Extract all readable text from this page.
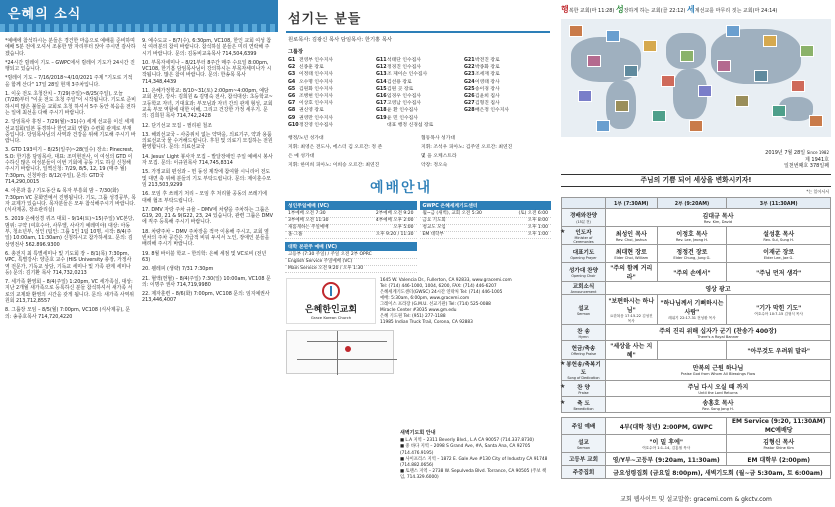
은혜의 소식

*예배에 참석하시는 분들은 경건한 마음으로 예배를 준비하며 예배 5분 전에 오셔서 조용한 맘 자리부터 앉아 주시면 감사하겠습니다.

*24시간 릴레이 기도 – GWPC에서 릴레이 기도가 24시간 진행되고 있습니다.

*릴레이 기도 – 7/16/2018~4/10/2021 주제 "기도로 기적을 함께 산다" 17일 28일 현재 3주차입니다.

1. 이웃 전도 초청잔치 – 7/29(주일)~8/25(주일), 오늘(7/28)부터 "이웃 전도 초청 주일"이 시작됩니다. 기도로 준비하시며 많은 불들을 교회로 초청 하셔서 5주 동안 복음을 전하는 일에 최선을 다해 주시기 바랍니다.

2. 당임목사 휴정 – 7/29(월)~31(수) 세계 선교를 이신 세계 선교집회(일본 동경하나 한인교회 연합) 수련회 관계로 부재중입니다. 당임목사님의 사역과 건강을 위해 기도해 주시기 바랍니다.

3. GTD 193여기 – 8/25(일주)~28(일수) 장소: Pinecrest, S.O: 한기홈 담임목사, 대표: 조미현전사, 이 여성의 GTD 이수하신 많은 여성분들이 이번 기회에 공동 기도 하실 신청해 주시기 바랍니다, 일찍신청: 7/29, 8/5, 12, 19 (매주 월) 7:30pm, 신청마감: 8/12(주일), 문의: GTD국 714,290,0015

4. 아론과 홀 / 기도동산 & 목자 부흥회 밤 – 7/30(화) 7:30pm VC 문화연예서 진행됩니다. 기도, 그룹 성경공부, 목자 교제가 있습니다. 목자분들은 모두 참석해주시기 바랍니다. (식사제공, 장소관리실)

5. 2019 은혜성경 퀴즈 대회 – 9/14(토)~15(주일) VC본당, 범위: 구약 (여호수아, 사무엘, 사사기 예레미야) 대상: 아동부, 청소년부, 성인 (팀인: 그룹 1인 1팀 10명, 시작: 8/4(주일) 10:00am, 11:30am) 신청하시고 참가하세요. 문의: 김상영전사 562.896.9300

6. 총전지 최 특별세미나 및 기도회 장 – 8/1(목) 7:30pm, VPC, 특별강사: 양준호 교수 (HIS University 총장, 가정사역 전문가, 기독교 상담, 기독교 세미나 및 가족 관계 세미나 등) 문의: 김기환 목사 714,732,0213

7. 세가족 환영회 – 8/4(주일) 1:20pm, VC 세가족실, 대상: 지난 2개월 새가족으로 등록하신 분들 참석하셔서 새가족 서로의 교제와 환영의 시간을 갖게 됩니다. 문의: 새가족 사역위원회 213,712,8557

8. 그룹장 모임 – 8/5(월) 7:00pm, VC108 (식사제공), 문의: 송종호목사 714,720,4220

9. 예수도교 – 8/7(수), 6:30pm, VC108, 한인 교회 여성 참석 여러분의 참여 바랍니다. 참석하실 분들은 미리 연락해 주시기 바랍니다. 문의: 김동비교육목사 714,504,6399

10. 부목자세미나 – 8/21부터 8주간 매주 수요일 8:00pm, VC108, 한기홈 담임목사님이 강의하시는 부목자세미나가 시작됩니다. 많은 참여 바랍니다. 문의: 한송목 목사 714,348,4439

11. 은혜가정학교: 8/10~31(토) 2:00pm~4:00pm, 예담교회 본당, 강사: 김희원 & 김명숙 전사, 참석대상: 초등학교~고등학교 자녀, 기대효과: 부모님과 자녀 간의 관계 형성, 교회 교육 부모 역할에 대한 이해, 그리고 건강한 가정 세우기. 문의: 김희원 목사 714,742,2428

12. 단기선교 모집 – 필리핀 철조

13. 해외선교국 – 사중위치 없는 약막을, 의료기구, 약과 용품 의료선교국 물 수거해드립니다. 후원 및 의료기 모집하는 전원 환영합니다. 문의: 의료선교국

14. Jesus' Light 봉사자 모집 – 발달장애인 주일 예배시 봉사자 모집. 문의: 이규원목사 714,745,8314

15. 가정교회 편성과 – 헌 동성 제작에 참여할 시니리어 전도 및 대면 축 위해 분들의 기도 부탁드립니다. 문의: 제이훈수모임 213,503,9299

16. 모임 후 쓰레기 처리 – 모임 후 처리할 공동의 쓰레기에 대해 협조 부탁드립니다.

17. DMV 자랑 주차 규율 – DMV에 차량을 주차하는 그룹은 G19, 20, 21 & 9(G22, 23, 24 있습니다, 관련 그룹은 DMV에 직주 등록해 주시기 바랍니다.

18. 차량주차 – DMV 주차장을 적극 이용해 주시고, 교회 옆 빈차의 주차 공간은 가급적 비워 두셔서 노인, 장애인 분들을 배려해 주시기 바랍니다.

19. 8월 바이블 학교 – 한의학: 은혜 세점 및 VC로비 (전년 63)

20. 웰레피 (생략) 7/31 7:30pm

21. 혈액(헌혈) – 8/4(주일) 7:30(일) 10:00am, VC108 문의: 이명주 권사 714,719,9980

22. 제자훈련 – 8/6(화) 7:00pm, VC108 문의: 임지예권사 213,446,4007

섬기는 분들
원로목사: 김광신 목사 담임목사: 한기홍 목사
그룹장
G1 전영부 인수지사	G11석태단 인수집사	G21박전진 장로
G2 신종훈 장로	G12정경진 인수집사	G22박종화 장로
G3 이정태 인수지사	G13조 제이슨 인수집사	G23조세재 장로
G4 오수명 인수지사	G14김선용 장로	G24이영태 장사
G5 김원화 인수지사	G15김원 곳 장로	G25송이경 장사
G6 조병현 인수지사	G16임경우 인수집사	G26김윤희 집사
G7 이상호 인수지사	G17고영남 인수집사	G27김형진 집사
G8 권신영 장로	G18윤 환 인수집사	G28배은정 인수지사
G9 권영만 인수지사	G19윤 민 인수집사
G10정진영 인수집사	대표 행정 신경섭 장로
행정/노년 성가대	협동목사 성가대
지휘: 최영은 전도사, 에스더 김 오르간: 정 존	지휘: 조석우 피아노: 김주연 오르간: 최연진
은 예 성가대	몇 을 오케스트라
지휘: 한미희 피아노: 이희승 오르간: 최연진	악장: 정오숙
예배안내
성인주일예배 (VC)
1부예배 오전 7:30	2부예배 오전 9:20
3부예배 오전 11:30	4부예배 오후 2:00
새롭게하는 주일예배	오후 5:00
홈·그룹	오후 9:20 / 11:30
GWPC 은혜세계기도센터
월~금 (새벽), 교회 오전 5:30	(토) 오전 6:00
금요 기도회	오후 8:00
청교도 모임	오후 1:00
EM 대학부	오후 1:00
대학 본관주 예배 (VC)
고등부 (7:30 주일) / 주일 오전 2부 OPRC
English Service 주일예배 (VC)
Main Service 오전 9:20 / 오후 1:30
은혜한인교회
Grace Korean Church
1645 W. Valencia Dr., Fullerton, CA 92833, www.gracemi.com
Tel: (714) 446-1000, 1004, 6200, FAX: (714) 446-6207
은혜세계기도센터(GWSC) 24시간 연락처 Tel: (714) 446-1005
예배: 5:30am, 6:00pm, www.gracemi.com
그레이스 프라장 (G.M.U. 선교기관) Tel: (714) 525-0088
Miracle Center #3035 www.gm.edu
은혜 기도원 Tel: (951) 277-1188
11985 Indian Truck Trail, Corona, CA 92883
새벽기도회 안내
■ L.A 지역 – 2311 Beverly Blvd., L.A CA 90057 (714.337.8730)
■ 중 바다 지역 – 2098 S Grand Ave, #A, Santa Ana, CA 92705 (714.476.9195)
■ 사이프리스 지역 – 1872 E. Gale Ave #130 City of Industry CA 91748 (714.882.0656)
■ 토랜스 지역 – 2738 W. Sepulveda Blvd. Torrance, CA 90505 (주보 책임, 714.329.6000)
행복한 교회(마 11:28) 성장하게 하는 교회(골 22:12) 세계선교를 마무리 짓는 교회(마 24:14)
2019년 7월 28일 Since 1982
제 1941호
일천번째호 378일째
주님의 기쁨 되어 세상을 변화시키자!
*는 일어서서
	1부 (7:30AM)	2부 (9:20AM)	3부 (11:30AM)
경배와찬양
(15분 전)	김대규 목사
Rev. Kim, David		

★ 인도자
Minister of Ceremonies	최성인 목사
Rev. Choi, Joshua	이정호 목사
Rev. Lee, Jeong H.	설성훈 목사
Rev. Sul, Sung H.
대표기도
Opening Prayer	최대현 장로
Elder Choi, William	정정건 장로
Elder Chung, Jung G.	이재군 장로
Elder Lee, Jae G.
성가대 찬양
Opening Choir	"주의 함께 거리라"	"주의 손에서"	"주님 먼저 생각"

교회소식
Announcement	영상 광고		

설교
Sermon	"보편하시는 하나님"
요한복음 17:15-22 김성진 목사	"하나님께서 기뻐하시는 사람"
레위기 22:17-31 전성환 목사	"기가 막힌 기도"
여호수아 10:7-15 김형식 목사
찬 송
Hymn	주의 진리 위해 십자가 군기 (찬송가 400장)
There's a Royal Banner		
헌금/축송
Offering Praise	"세상을 사는 지혜"		"아무것도 우려워 말라"

★ 봉헌송/축복기도
Song of Dedication	만복의 근원 하나님
Praise God from Whom All Blessings Flow		

★ 찬 양
Praise	주님 다시 오실 때 까지
Until the Lord Returns		

★ 축 도
Benediction	송홍호 목사
Rev. Song Jong H.		

주일 예배	4부(대학 청년) 2:00PM, GWPC		EM Service (9:20, 11:30AM) MC예배당

설교
Sermon	"이 밀 후에"
여호수아 1:1–14, 김홍철 목사		김형신 목사
Pastor Shine Kim
고등부 교회	영/Y부~고등부 (9:20am, 11:30am)		EM 대학부 (2:00pm)

주중집회	금요성령집회 (금요일 8:00pm), 새벽기도회 (월~금 5:30am, 토 6:00am)		

교회 웹사이트 및 설교말씀: gracemi.com & gkctv.com
